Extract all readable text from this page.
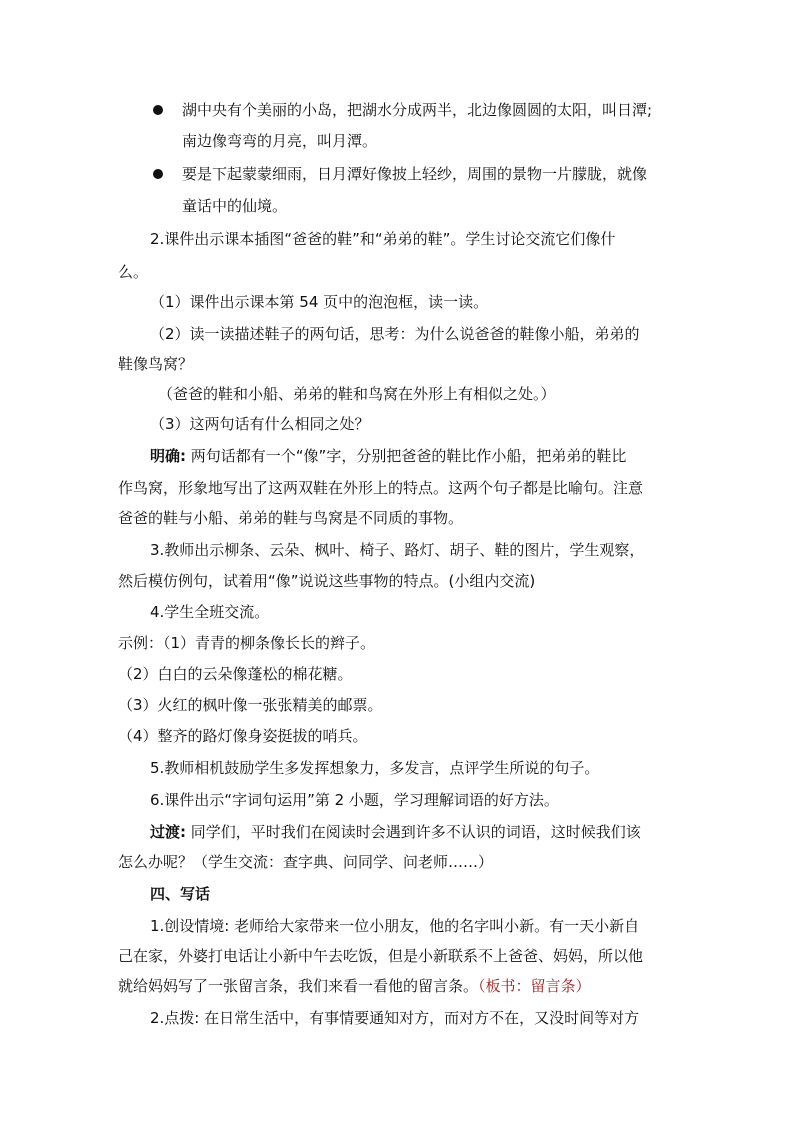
湖中央有个美丽的小岛，把湖水分成两半，北边像圆圆的太阳，叫日潭;
南边像弯弯的月亮，叫月潭。
要是下起蒙蒙细雨，日月潭好像披上轻纱，周围的景物一片朦胧，就像
童话中的仙境。
2.课件出示课本插图“爸爸的鞋”和“弟弟的鞋”。学生讨论交流它们像什
么。
（1）课件出示课本第 54 页中的泡泡框，读一读。
（2）读一读描述鞋子的两句话，思考：为什么说爸爸的鞋像小船，弟弟的
鞋像鸟窝？
（爸爸的鞋和小船、弟弟的鞋和鸟窝在外形上有相似之处。）
（3）这两句话有什么相同之处？
明确: 两句话都有一个“像”字，分别把爸爸的鞋比作小船，把弟弟的鞋比
作鸟窝，形象地写出了这两双鞋在外形上的特点。这两个句子都是比喻句。注意
爸爸的鞋与小船、弟弟的鞋与鸟窝是不同质的事物。
3.教师出示柳条、云朵、枫叶、椅子、路灯、胡子、鞋的图片，学生观察，
然后模仿例句，试着用“像”说说这些事物的特点。(小组内交流)
4.学生全班交流。
示例：（1）青青的柳条像长长的辫子。
（2）白白的云朵像蓬松的棉花糖。
（3）火红的枫叶像一张张精美的邮票。
（4）整齐的路灯像身姿挺拔的哨兵。
5.教师相机鼓励学生多发挥想象力，多发言，点评学生所说的句子。
6.课件出示“字词句运用”第 2 小题，学习理解词语的好方法。
过渡: 同学们，平时我们在阅读时会遇到许多不认识的词语，这时候我们该
怎么办呢？（学生交流：查字典、问同学、问老师……）
四、写话
1.创设情境: 老师给大家带来一位小朋友，他的名字叫小新。有一天小新自
己在家，外婆打电话让小新中午去吃饭，但是小新联系不上爸爸、妈妈，所以他
就给妈妈写了一张留言条，我们来看一看他的留言条。（板书：留言条）
2.点拨: 在日常生活中，有事情要通知对方，而对方不在，又没时间等对方
